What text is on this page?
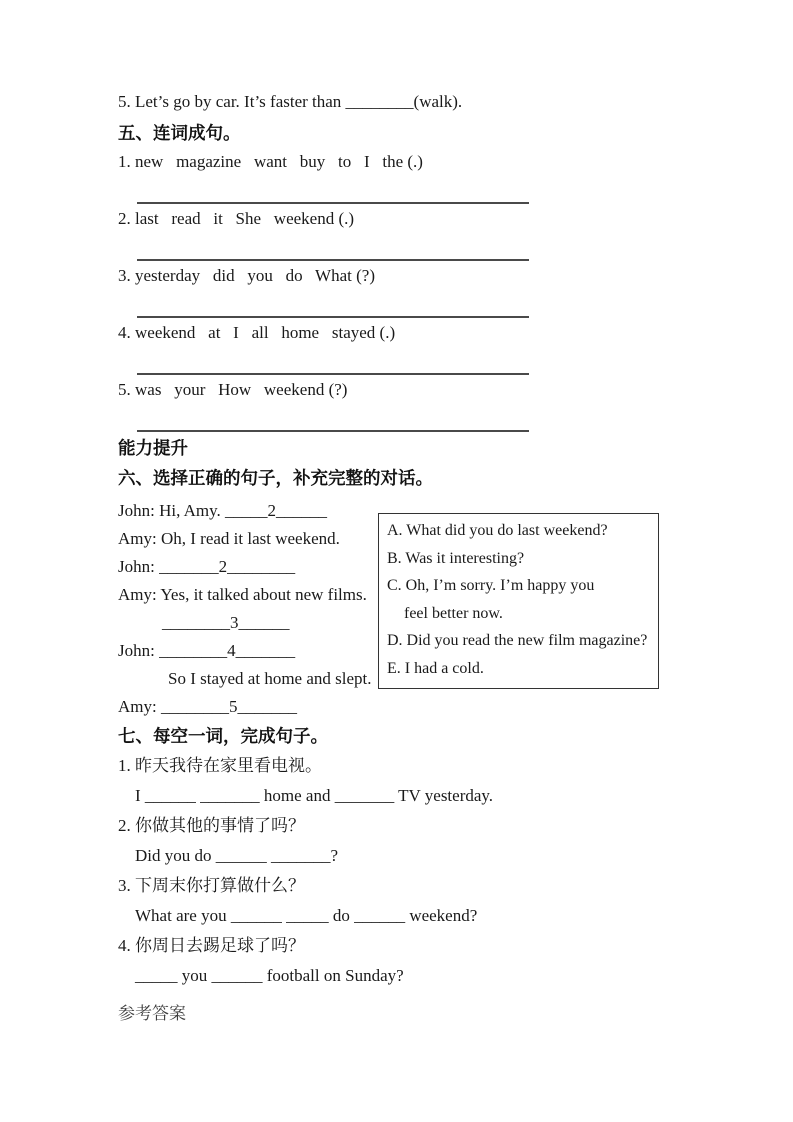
5. Let’s go by car. It’s faster than ________(walk).
五、连词成句。
1. new   magazine   want   buy   to   I   the (.)
2. last   read   it   She   weekend (.)
3. yesterday   did   you   do   What (?)
4. weekend   at   I   all   home   stayed (.)
5. was   your   How   weekend (?)
能力提升
六、选择正确的句子，补充完整的对话。
John: Hi, Amy. _____2______
Amy: Oh, I read it last weekend.
John: _______2________
Amy: Yes, it talked about new films.
________3______
John: ________4_______
So I stayed at home and slept.
Amy: ________5_______
A. What did you do last weekend?
B. Was it interesting?
C. Oh, I’m sorry. I’m happy you
feel better now.
D. Did you read the new film magazine?
E. I had a cold.
七、每空一词，完成句子。
1. 昨天我待在家里看电视。
I ______ _______ home and _______ TV yesterday.
2. 你做其他的事情了吗？
Did you do ______ _______?
3. 下周末你打算做什么？
What are you ______ _____ do ______ weekend?
4. 你周日去踢足球了吗？
_____ you ______ football on Sunday?
参考答案
